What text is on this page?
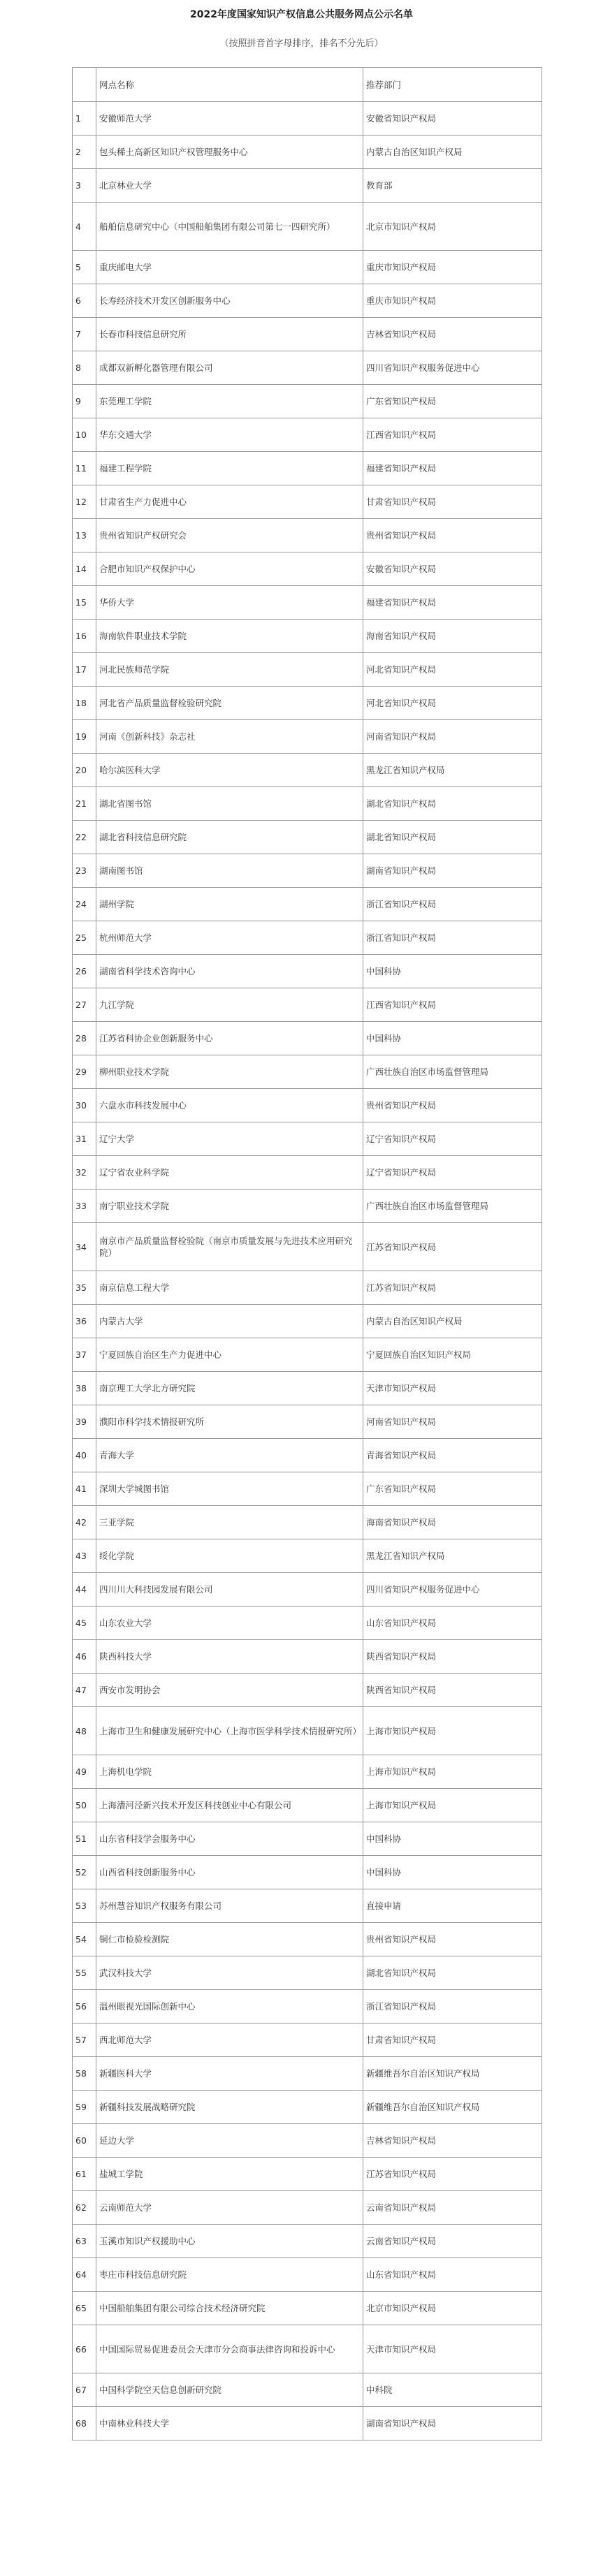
2022年度国家知识产权信息公共服务网点公示名单
（按照拼音首字母排序，排名不分先后）
	网点名称	推荐部门
1	安徽师范大学	安徽省知识产权局
2	包头稀土高新区知识产权管理服务中心	内蒙古自治区知识产权局
3	北京林业大学	教育部
4	船舶信息研究中心（中国船舶集团有限公司第七一四研究所）	北京市知识产权局
5	重庆邮电大学	重庆市知识产权局
6	长寿经济技术开发区创新服务中心	重庆市知识产权局
7	长春市科技信息研究所	吉林省知识产权局
8	成都双新孵化器管理有限公司	四川省知识产权服务促进中心
9	东莞理工学院	广东省知识产权局
10	华东交通大学	江西省知识产权局
11	福建工程学院	福建省知识产权局
12	甘肃省生产力促进中心	甘肃省知识产权局
13	贵州省知识产权研究会	贵州省知识产权局
14	合肥市知识产权保护中心	安徽省知识产权局
15	华侨大学	福建省知识产权局
16	海南软件职业技术学院	海南省知识产权局
17	河北民族师范学院	河北省知识产权局
18	河北省产品质量监督检验研究院	河北省知识产权局
19	河南《创新科技》杂志社	河南省知识产权局
20	哈尔滨医科大学	黑龙江省知识产权局
21	湖北省图书馆	湖北省知识产权局
22	湖北省科技信息研究院	湖北省知识产权局
23	湖南图书馆	湖南省知识产权局
24	湖州学院	浙江省知识产权局
25	杭州师范大学	浙江省知识产权局
26	湖南省科学技术咨询中心	中国科协
27	九江学院	江西省知识产权局
28	江苏省科协企业创新服务中心	中国科协
29	柳州职业技术学院	广西壮族自治区市场监督管理局
30	六盘水市科技发展中心	贵州省知识产权局
31	辽宁大学	辽宁省知识产权局
32	辽宁省农业科学院	辽宁省知识产权局
33	南宁职业技术学院	广西壮族自治区市场监督管理局
34	南京市产品质量监督检验院（南京市质量发展与先进技术应用研究院）	江苏省知识产权局
35	南京信息工程大学	江苏省知识产权局
36	内蒙古大学	内蒙古自治区知识产权局
37	宁夏回族自治区生产力促进中心	宁夏回族自治区知识产权局
38	南京理工大学北方研究院	天津市知识产权局
39	濮阳市科学技术情报研究所	河南省知识产权局
40	青海大学	青海省知识产权局
41	深圳大学城图书馆	广东省知识产权局
42	三亚学院	海南省知识产权局
43	绥化学院	黑龙江省知识产权局
44	四川川大科技园发展有限公司	四川省知识产权服务促进中心
45	山东农业大学	山东省知识产权局
46	陕西科技大学	陕西省知识产权局
47	西安市发明协会	陕西省知识产权局
48	上海市卫生和健康发展研究中心（上海市医学科学技术情报研究所）	上海市知识产权局
49	上海机电学院	上海市知识产权局
50	上海漕河泾新兴技术开发区科技创业中心有限公司	上海市知识产权局
51	山东省科技学会服务中心	中国科协
52	山西省科技创新服务中心	中国科协
53	苏州慧谷知识产权服务有限公司	直接申请
54	铜仁市检验检测院	贵州省知识产权局
55	武汉科技大学	湖北省知识产权局
56	温州眼视光国际创新中心	浙江省知识产权局
57	西北师范大学	甘肃省知识产权局
58	新疆医科大学	新疆维吾尔自治区知识产权局
59	新疆科技发展战略研究院	新疆维吾尔自治区知识产权局
60	延边大学	吉林省知识产权局
61	盐城工学院	江苏省知识产权局
62	云南师范大学	云南省知识产权局
63	玉溪市知识产权援助中心	云南省知识产权局
64	枣庄市科技信息研究院	山东省知识产权局
65	中国船舶集团有限公司综合技术经济研究院	北京市知识产权局
66	中国国际贸易促进委员会天津市分会商事法律咨询和投诉中心	天津市知识产权局
67	中国科学院空天信息创新研究院	中科院
68	中南林业科技大学	湖南省知识产权局
